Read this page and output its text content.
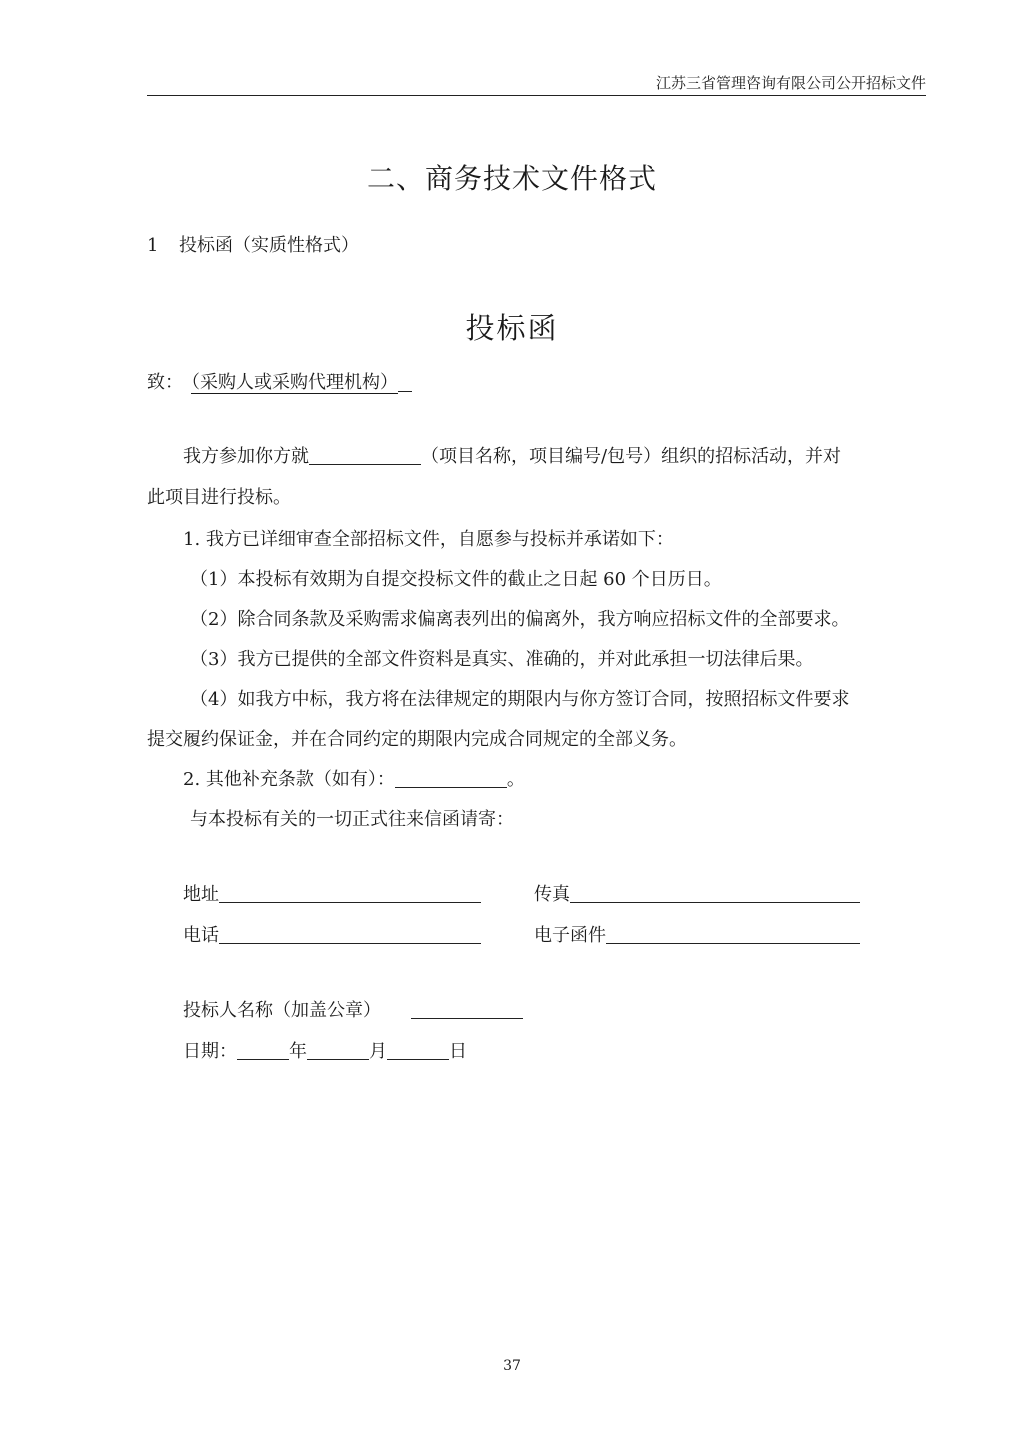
江苏三省管理咨询有限公司公开招标文件
二、商务技术文件格式
1 投标函（实质性格式）
投标函
致： （采购人或采购代理机构）
我方参加你方就	（项目名称，项目编号/包号）组织的招标活动，并对
此项目进行投标。
1. 我方已详细审查全部招标文件，自愿参与投标并承诺如下：
（1）本投标有效期为自提交投标文件的截止之日起 60 个日历日。
（2）除合同条款及采购需求偏离表列出的偏离外，我方响应招标文件的全部要求。
（3）我方已提供的全部文件资料是真实、准确的，并对此承担一切法律后果。
（4）如我方中标，我方将在法律规定的期限内与你方签订合同，按照招标文件要求
提交履约保证金，并在合同约定的期限内完成合同规定的全部义务。
2. 其他补充条款（如有）：	。
与本投标有关的一切正式往来信函请寄：
地址	传真
电话	电子函件
投标人名称（加盖公章）
日期：	年	月	日
37
